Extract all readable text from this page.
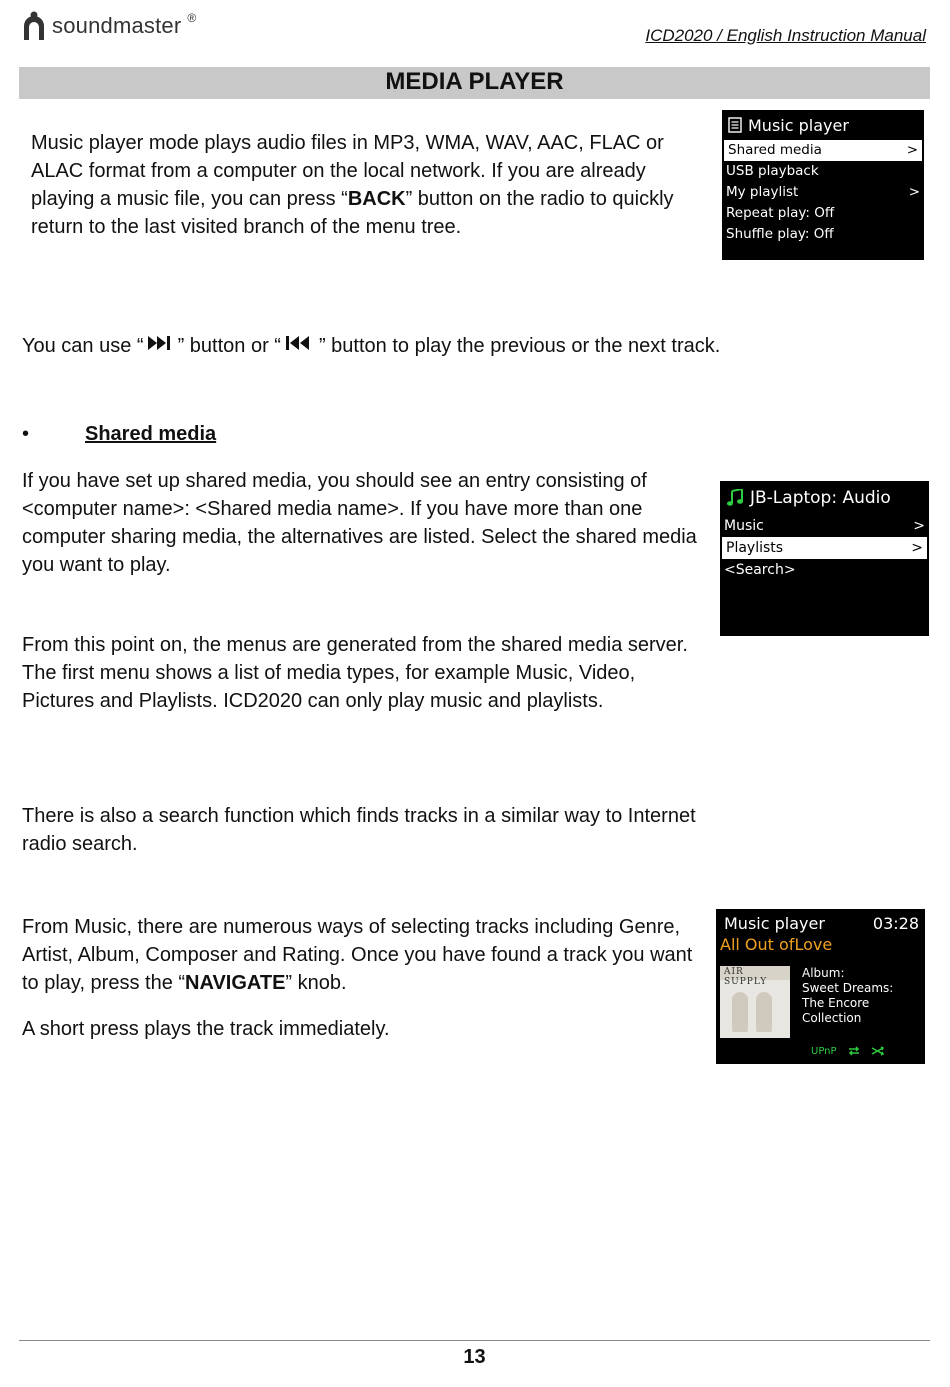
soundmaster ®
ICD2020 / English Instruction Manual
MEDIA PLAYER
Music player mode plays audio files in MP3, WMA, WAV, AAC, FLAC or ALAC format from a computer on the local network. If you are already playing a music file, you can press “BACK” button on the radio to quickly return to the last visited branch of the menu tree.
Music player
Shared media	>
USB playback
My playlist	>
Repeat play: Off
Shuffle play: Off
You can use “ ” button or “ ” button to play the previous or the next track.
•	Shared media
If you have set up shared media, you should see an entry consisting of <computer name>: <Shared media name>. If you have more than one computer sharing media, the alternatives are listed. Select the shared media you want to play.
JB-Laptop: Audio
Music	>
Playlists	>
<Search>
From this point on, the menus are generated from the shared media server. The first menu shows a list of media types, for example Music, Video, Pictures and Playlists. ICD2020 can only play music and playlists.
There is also a search function which finds tracks in a similar way to Internet radio search.
From Music, there are numerous ways of selecting tracks including Genre, Artist, Album, Composer and Rating. Once you have found a track you want to play, press the “NAVIGATE” knob.
A short press plays the track immediately.
Music player	03:28
All Out ofLove
AIR SUPPLY
Album:
Sweet Dreams:
The Encore
Collection
UPnP
13
